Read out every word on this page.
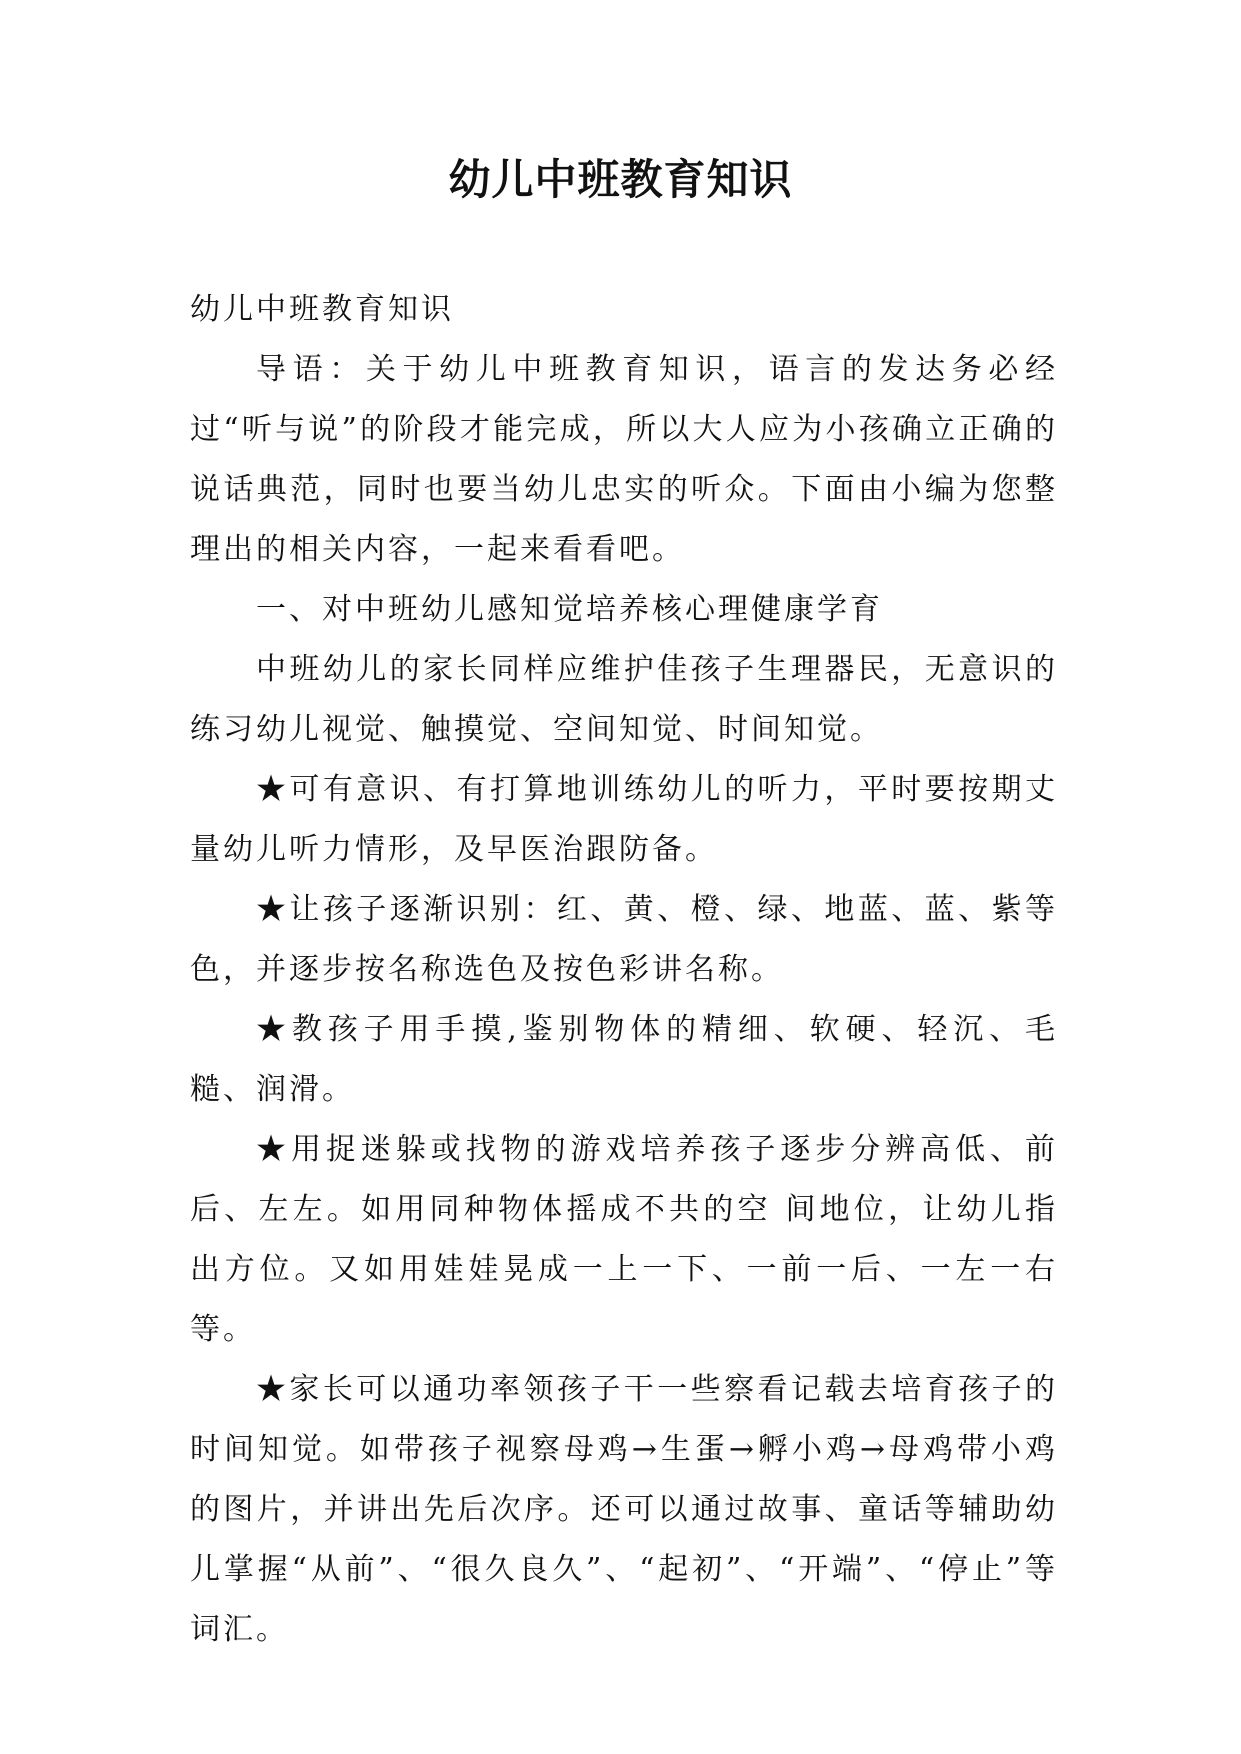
幼儿中班教育知识

幼儿中班教育知识

导语：关于幼儿中班教育知识，语言的发达务必经过“听与说”的阶段才能完成，所以大人应为小孩确立正确的说话典范，同时也要当幼儿忠实的听众。下面由小编为您整理出的相关内容，一起来看看吧。

一、对中班幼儿感知觉培养核心理健康学育

中班幼儿的家长同样应维护佳孩子生理器民，无意识的练习幼儿视觉、触摸觉、空间知觉、时间知觉。

★可有意识、有打算地训练幼儿的听力，平时要按期丈量幼儿听力情形，及早医治跟防备。

★让孩子逐渐识别：红、黄、橙、绿、地蓝、蓝、紫等色，并逐步按名称选色及按色彩讲名称。

★教孩子用手摸,鉴别物体的精细、软硬、轻沉、毛糙、润滑。

★用捉迷躲或找物的游戏培养孩子逐步分辨高低、前后、左左。如用同种物体摇成不共的空 间地位，让幼儿指出方位。又如用娃娃晃成一上一下、一前一后、一左一右等。

★家长可以通功率领孩子干一些察看记载去培育孩子的时间知觉。如带孩子视察母鸡→生蛋→孵小鸡→母鸡带小鸡的图片，并讲出先后次序。还可以通过故事、童话等辅助幼儿掌握“从前”、“很久良久”、“起初”、“开端”、“停止”等词汇。
